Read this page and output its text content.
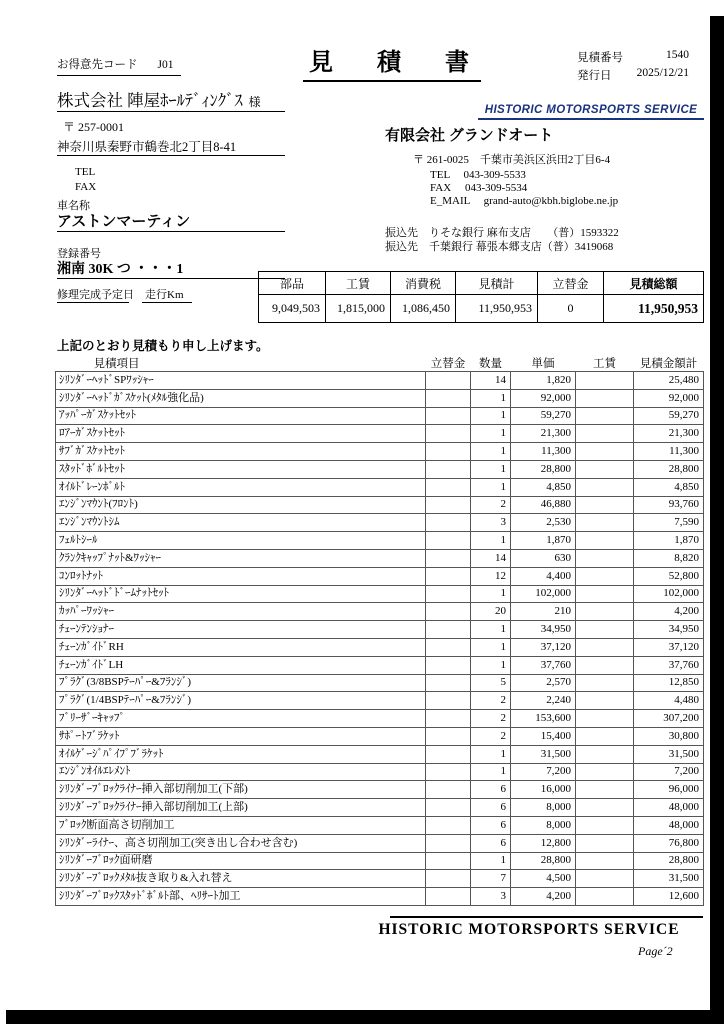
お得意先コード J01	見　積　書	見積番号	1540
発行日 2025/12/21
株式会社 陣屋ﾎｰﾙﾃﾞｨﾝｸﾞｽ 様
〒 257-0001
神奈川県秦野市鶴巻北2丁目8-41
TEL
FAX
HISTORIC MOTORSPORTS SERVICE
有限会社 グランドオート
〒 261-0025　千葉市美浜区浜田2丁目6-4
TEL　 043-309-5533
FAX　 043-309-5534
E_MAIL　 grand-auto@kbh.biglobe.ne.jp
車名称
アストンマーティン
振込先　りそな銀行 麻布支店　　（普）1593322
振込先　千葉銀行 幕張本郷支店（普）3419068
登録番号
湘南 30K つ ・・・1
修理完成予定日 走行Km
部品	工賃	消費税	見積計	立替金	見積総額
9,049,503	1,815,000	1,086,450	11,950,953	0	11,950,953
上記のとおり見積もり申し上げます。
見積項目	立替金	数量	単価	工賃	見積金額計
ｼﾘﾝﾀﾞｰﾍｯﾄﾞSPﾜｯｼｬｰ		14	1,820		25,480
ｼﾘﾝﾀﾞｰﾍｯﾄﾞｶﾞｽｹｯﾄ(ﾒﾀﾙ強化品)		1	92,000		92,000
ｱｯﾊﾟｰｶﾞｽｹｯﾄｾｯﾄ		1	59,270		59,270
ﾛｱｰｶﾞｽｹｯﾄｾｯﾄ		1	21,300		21,300
ｻﾌﾞｶﾞｽｹｯﾄｾｯﾄ		1	11,300		11,300
ｽﾀｯﾄﾞﾎﾞﾙﾄｾｯﾄ		1	28,800		28,800
ｵｲﾙﾄﾞﾚｰﾝﾎﾞﾙﾄ		1	4,850		4,850
ｴﾝｼﾞﾝﾏｳﾝﾄ(ﾌﾛﾝﾄ)		2	46,880		93,760
ｴﾝｼﾞﾝﾏｳﾝﾄｼﾑ		3	2,530		7,590
ﾌｪﾙﾄｼｰﾙ		1	1,870		1,870
ｸﾗﾝｸｷｬｯﾌﾟﾅｯﾄ&ﾜｯｼｬｰ		14	630		8,820
ｺﾝﾛｯﾄﾅｯﾄ		12	4,400		52,800
ｼﾘﾝﾀﾞｰﾍｯﾄﾞﾄﾞｰﾑﾅｯﾄｾｯﾄ		1	102,000		102,000
ｶｯﾊﾟｰﾜｯｼｬｰ		20	210		4,200
ﾁｪｰﾝﾃﾝｼｮﾅｰ		1	34,950		34,950
ﾁｪｰﾝｶﾞｲﾄﾞRH		1	37,120		37,120
ﾁｪｰﾝｶﾞｲﾄﾞLH		1	37,760		37,760
ﾌﾟﾗｸﾞ(3/8BSPﾃｰﾊﾟｰ&ﾌﾗﾝｼﾞ)		5	2,570		12,850
ﾌﾟﾗｸﾞ(1/4BSPﾃｰﾊﾟｰ&ﾌﾗﾝｼﾞ)		2	2,240		4,480
ﾌﾞﾘｰｻﾞｰｷｬｯﾌﾟ		2	153,600		307,200
ｻﾎﾟｰﾄﾌﾞﾗｹｯﾄ		2	15,400		30,800
ｵｲﾙｹﾞｰｼﾞﾊﾟｲﾌﾟﾌﾞﾗｹｯﾄ		1	31,500		31,500
ｴﾝｼﾞﾝｵｲﾙｴﾚﾒﾝﾄ		1	7,200		7,200
ｼﾘﾝﾀﾞｰﾌﾞﾛｯｸﾗｲﾅｰ挿入部切削加工(下部)		6	16,000		96,000
ｼﾘﾝﾀﾞｰﾌﾞﾛｯｸﾗｲﾅｰ挿入部切削加工(上部)		6	8,000		48,000
ﾌﾞﾛｯｸ断面高さ切削加工		6	8,000		48,000
ｼﾘﾝﾀﾞｰﾗｲﾅｰ、高さ切削加工(突き出し合わせ含む)		6	12,800		76,800
ｼﾘﾝﾀﾞｰﾌﾞﾛｯｸ面研磨		1	28,800		28,800
ｼﾘﾝﾀﾞｰﾌﾞﾛｯｸﾒﾀﾙ抜き取り&入れ替え		7	4,500		31,500
ｼﾘﾝﾀﾞｰﾌﾞﾛｯｸｽﾀｯﾄﾞﾎﾞﾙﾄ部、ﾍﾘｻｰﾄ加工		3	4,200		12,600
HISTORIC MOTORSPORTS SERVICE
Page´2
